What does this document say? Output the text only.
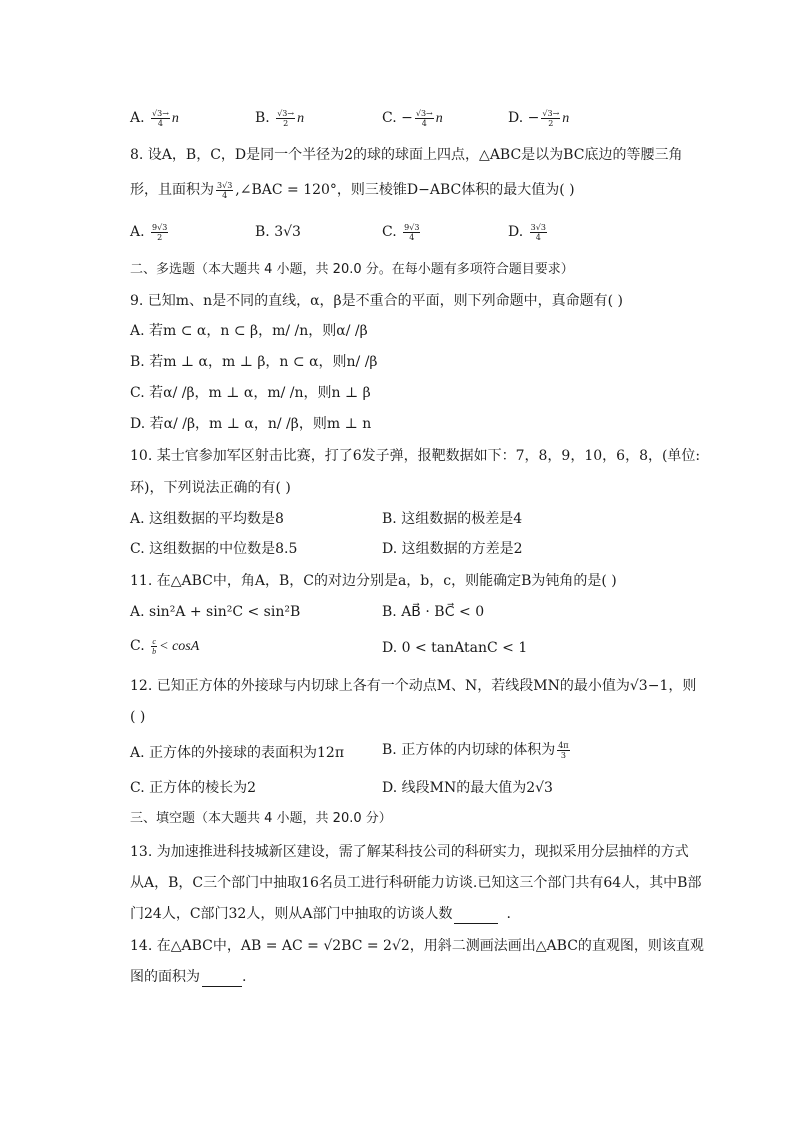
A. $\frac{√3\to}{4}$ n	B. $\frac{√3\to}{2}$ n	C. − $\frac{√3\to}{4}$ n	D. − $\frac{√3\to}{2}$ n
8. 设A，B，C，D是同一个半径为2的球的球面上四点，△ABC是以为BC底边的等腰三角
形，且面积为 $\frac{3√3}{4}$ ,∠BAC = 120°，则三棱锥D−ABC体积的最大值为( )
A. $\frac{9√3}{2}$	B. 3√3	C. $\frac{9√3}{4}$	D. $\frac{3√3}{4}$
二、多选题（本大题共 4 小题，共 20.0 分。在每小题有多项符合题目要求）
9. 已知m、n是不同的直线，α，β是不重合的平面，则下列命题中，真命题有( )
A. 若m ⊂ α，n ⊂ β，m/ /n，则α/ /β
B. 若m ⊥ α，m ⊥ β，n ⊂ α，则n/ /β
C. 若α/ /β，m ⊥ α，m/ /n，则n ⊥ β
D. 若α/ /β，m ⊥ α，n/ /β，则m ⊥ n
10. 某士官参加军区射击比赛，打了6发子弹，报靶数据如下：7，8，9，10，6，8，(单位:
环)，下列说法正确的有( )
A. 这组数据的平均数是8	B. 这组数据的极差是4
C. 这组数据的中位数是8.5	D. 这组数据的方差是2
11. 在△ABC中，角A，B，C的对边分别是a，b，c，则能确定B为钝角的是( )
A. sin²A + sin²C < sin²B	B. AB⃗ · BC⃗ < 0
C. $\frac{c}{b} < \cos A$	D. 0 < tanAtanC < 1
12. 已知正方体的外接球与内切球上各有一个动点M、N，若线段MN的最小值为√3−1，则
( )
A. 正方体的外接球的表面积为12π	B. 正方体的内切球的体积为 $\frac{4\pi}{3}$
C. 正方体的棱长为2	D. 线段MN的最大值为2√3
三、填空题（本大题共 4 小题，共 20.0 分）
13. 为加速推进科技城新区建设，需了解某科技公司的科研实力，现拟采用分层抽样的方式
从A，B，C三个部门中抽取16名员工进行科研能力访谈.已知这三个部门共有64人，其中B部
门24人，C部门32人，则从A部门中抽取的访谈人数	.
14. 在△ABC中，AB = AC = √2BC = 2√2，用斜二测画法画出△ABC的直观图，则该直观
图的面积为	.
